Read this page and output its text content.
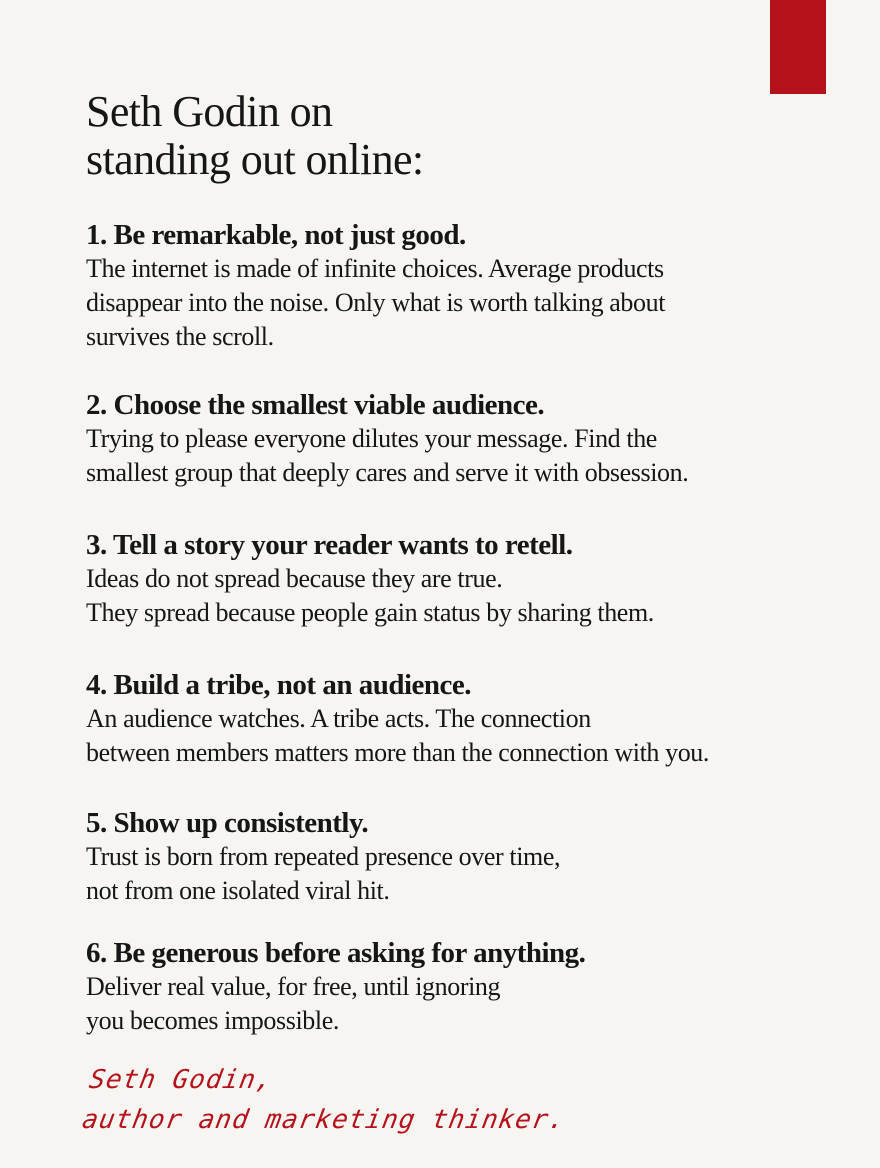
Seth Godin on
standing out online:

1. Be remarkable, not just good.

The internet is made of infinite choices. Average products
disappear into the noise. Only what is worth talking about
survives the scroll.

2. Choose the smallest viable audience.

Trying to please everyone dilutes your message. Find the
smallest group that deeply cares and serve it with obsession.

3. Tell a story your reader wants to retell.

Ideas do not spread because they are true.
They spread because people gain status by sharing them.

4. Build a tribe, not an audience.

An audience watches. A tribe acts. The connection
between members matters more than the connection with you.

5. Show up consistently.

Trust is born from repeated presence over time,
not from one isolated viral hit.

6. Be generous before asking for anything.

Deliver real value, for free, until ignoring
you becomes impossible.
Seth Godin,
author and marketing thinker.
